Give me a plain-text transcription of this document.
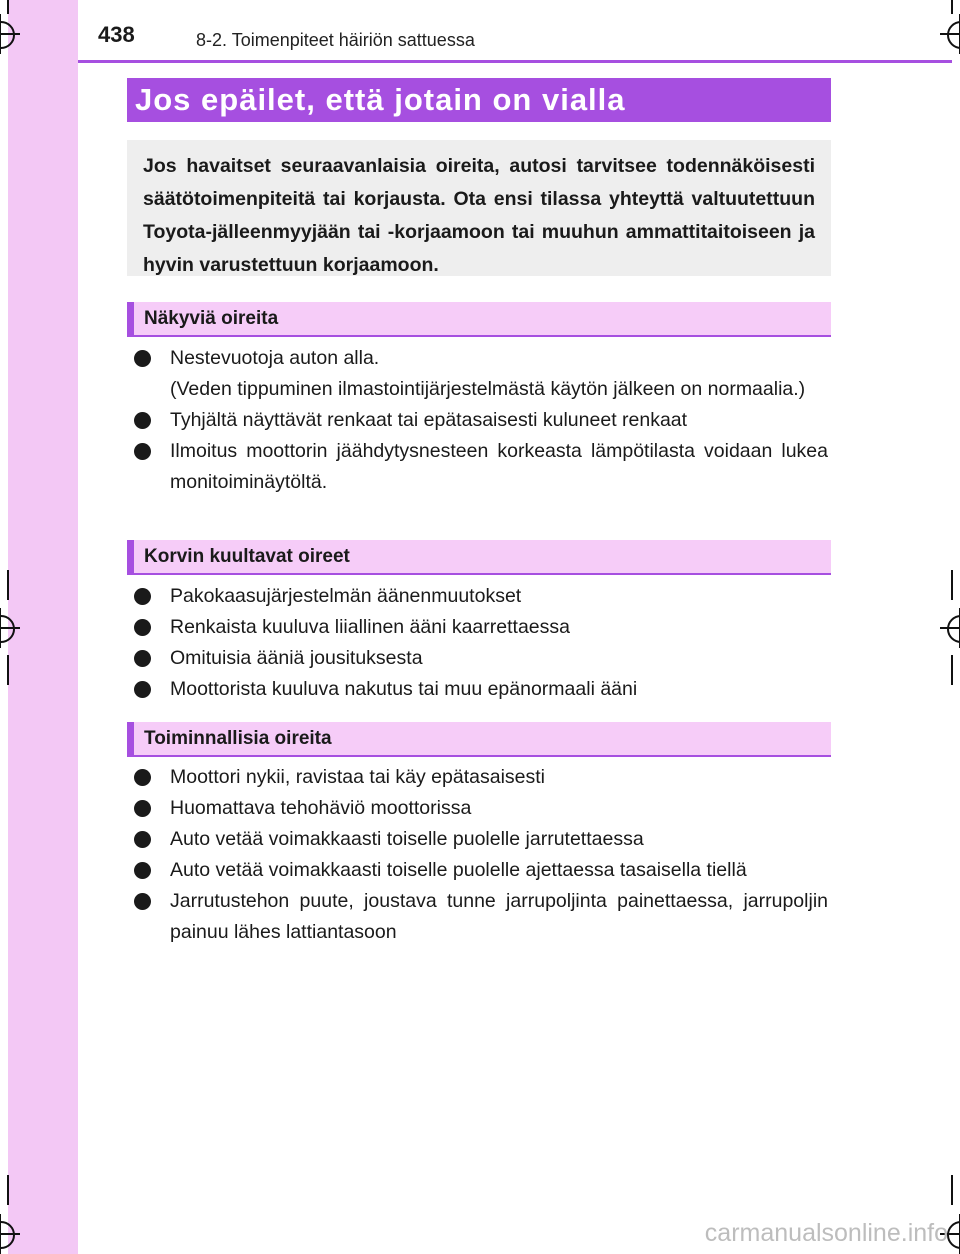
438	8-2. Toimenpiteet häiriön sattuessa
Jos epäilet, että jotain on vialla
Jos havaitset seuraavanlaisia oireita, autosi tarvitsee todennäköisesti säätötoimenpiteitä tai korjausta. Ota ensi tilassa yhteyttä valtuutettuun Toyota-jälleenmyyjään tai -korjaamoon tai muuhun ammattitaitoiseen ja hyvin varustettuun korjaamoon.
Näkyviä oireita
Nestevuotoja auton alla.
(Veden tippuminen ilmastointijärjestelmästä käytön jälkeen on normaalia.)
Tyhjältä näyttävät renkaat tai epätasaisesti kuluneet renkaat
Ilmoitus moottorin jäähdytysnesteen korkeasta lämpötilasta voidaan lukea monitoiminäytöltä.
Korvin kuultavat oireet
Pakokaasujärjestelmän äänenmuutokset
Renkaista kuuluva liiallinen ääni kaarrettaessa
Omituisia ääniä jousituksesta
Moottorista kuuluva nakutus tai muu epänormaali ääni
Toiminnallisia oireita
Moottori nykii, ravistaa tai käy epätasaisesti
Huomattava tehohäviö moottorissa
Auto vetää voimakkaasti toiselle puolelle jarrutettaessa
Auto vetää voimakkaasti toiselle puolelle ajettaessa tasaisella tiellä
Jarrutustehon puute, joustava tunne jarrupoljinta painettaessa, jarrupoljin painuu lähes lattiantasoon
carmanualsonline.info
